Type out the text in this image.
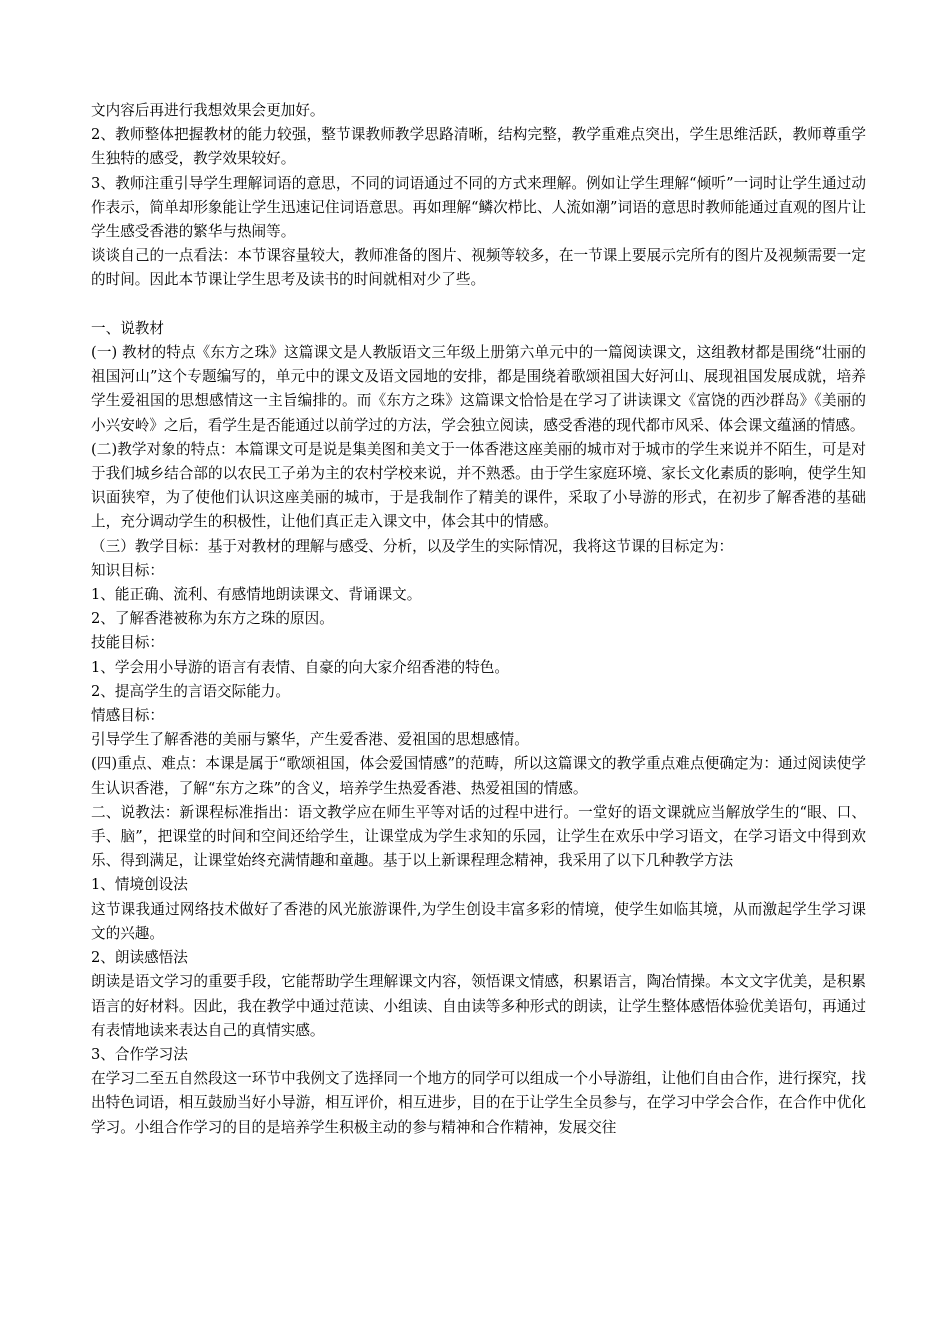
文内容后再进行我想效果会更加好。

2、教师整体把握教材的能力较强，整节课教师教学思路清晰，结构完整，教学重难点突出，学生思维活跃，教师尊重学生独特的感受，教学效果较好。

3、教师注重引导学生理解词语的意思，不同的词语通过不同的方式来理解。例如让学生理解“倾听”一词时让学生通过动作表示，简单却形象能让学生迅速记住词语意思。再如理解“鳞次栉比、人流如潮”词语的意思时教师能通过直观的图片让学生感受香港的繁华与热闹等。

谈谈自己的一点看法：本节课容量较大，教师准备的图片、视频等较多，在一节课上要展示完所有的图片及视频需要一定的时间。因此本节课让学生思考及读书的时间就相对少了些。

一、说教材

(一) 教材的特点《东方之珠》这篇课文是人教版语文三年级上册第六单元中的一篇阅读课文，这组教材都是围绕“壮丽的祖国河山”这个专题编写的，单元中的课文及语文园地的安排，都是围绕着歌颂祖国大好河山、展现祖国发展成就，培养学生爱祖国的思想感情这一主旨编排的。而《东方之珠》这篇课文恰恰是在学习了讲读课文《富饶的西沙群岛》《美丽的小兴安岭》之后，看学生是否能通过以前学过的方法，学会独立阅读，感受香港的现代都市风采、体会课文蕴涵的情感。

(二)教学对象的特点：本篇课文可是说是集美图和美文于一体香港这座美丽的城市对于城市的学生来说并不陌生，可是对于我们城乡结合部的以农民工子弟为主的农村学校来说，并不熟悉。由于学生家庭环境、家长文化素质的影响，使学生知识面狭窄，为了使他们认识这座美丽的城市，于是我制作了精美的课件，采取了小导游的形式，在初步了解香港的基础上，充分调动学生的积极性，让他们真正走入课文中，体会其中的情感。

（三）教学目标：基于对教材的理解与感受、分析，以及学生的实际情况，我将这节课的目标定为：

知识目标：

1、能正确、流利、有感情地朗读课文、背诵课文。

2、了解香港被称为东方之珠的原因。

技能目标：

1、学会用小导游的语言有表情、自豪的向大家介绍香港的特色。

2、提高学生的言语交际能力。

情感目标：

引导学生了解香港的美丽与繁华，产生爱香港、爱祖国的思想感情。

(四)重点、难点：本课是属于“歌颂祖国，体会爱国情感”的范畴，所以这篇课文的教学重点难点便确定为：通过阅读使学生认识香港，了解“东方之珠”的含义，培养学生热爱香港、热爱祖国的情感。

二、说教法：新课程标准指出：语文教学应在师生平等对话的过程中进行。一堂好的语文课就应当解放学生的“眼、口、手、脑”，把课堂的时间和空间还给学生，让课堂成为学生求知的乐园，让学生在欢乐中学习语文，在学习语文中得到欢乐、得到满足，让课堂始终充满情趣和童趣。基于以上新课程理念精神，我采用了以下几种教学方法

1、情境创设法

这节课我通过网络技术做好了香港的风光旅游课件,为学生创设丰富多彩的情境，使学生如临其境，从而激起学生学习课文的兴趣。

2、朗读感悟法

朗读是语文学习的重要手段，它能帮助学生理解课文内容，领悟课文情感，积累语言，陶冶情操。本文文字优美，是积累语言的好材料。因此，我在教学中通过范读、小组读、自由读等多种形式的朗读，让学生整体感悟体验优美语句，再通过有表情地读来表达自己的真情实感。

3、合作学习法

在学习二至五自然段这一环节中我例文了选择同一个地方的同学可以组成一个小导游组，让他们自由合作，进行探究，找出特色词语，相互鼓励当好小导游，相互评价，相互进步，目的在于让学生全员参与，在学习中学会合作，在合作中优化学习。小组合作学习的目的是培养学生积极主动的参与精神和合作精神，发展交往
